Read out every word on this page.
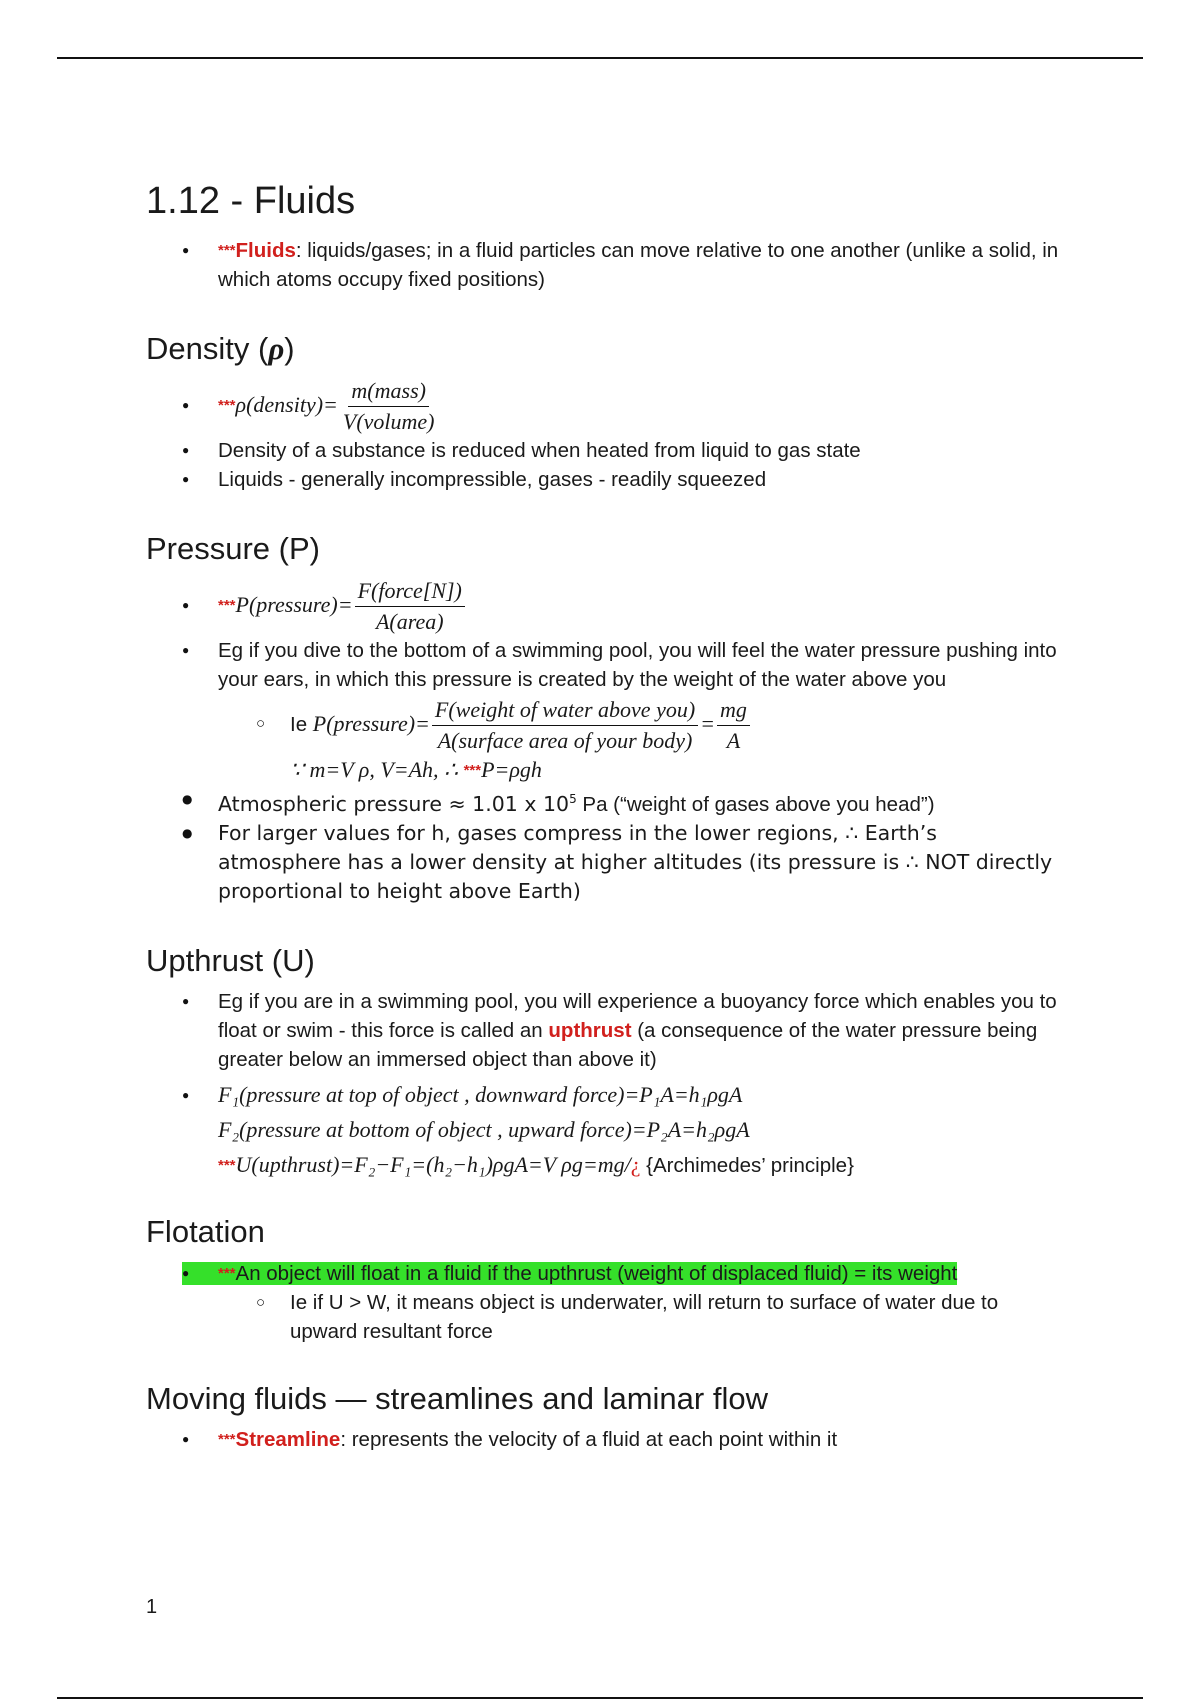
1.12 - Fluids
● ***Fluids: liquids/gases; in a fluid particles can move relative to one another (unlike a solid, in which atoms occupy fixed positions)
Density (ρ)
● ***ρ(density)= $\frac{\text{m(mass)}}{\text{V(volume)}}$
● Density of a substance is reduced when heated from liquid to gas state
● Liquids - generally incompressible, gases - readily squeezed
Pressure (P)
● ***P(pressure)= $\frac{\text{F(force[N])}}{\text{A(area)}}$
● Eg if you dive to the bottom of a swimming pool, you will feel the water pressure pushing into your ears, in which this pressure is created by the weight of the water above you
○ Ie P(pressure)= $\frac{\text{F(weight of water above you)}}{\text{A(surface area of your body)}} = \frac{mg}{A}$
∵ m=V ρ, V=Ah, ∴ ***P=ρgh
● Atmospheric pressure ≈ 1.01 x $10^5$ Pa (“weight of gases above you head”)
● For larger values for h, gases compress in the lower regions, ∴ Earth’s atmosphere has a lower density at higher altitudes (its pressure is ∴ NOT directly proportional to height above Earth)
Upthrust (U)
● Eg if you are in a swimming pool, you will experience a buoyancy force which enables you to float or swim - this force is called an upthrust (a consequence of the water pressure being greater below an immersed object than above it)
● F₁(pressure at top of object , downward force)=P₁A=h₁ρgA
F₂(pressure at bottom of object , upward force)=P₂A=h₂ρgA
***U(upthrust)=F₂−F₁=(h₂−h₁)ρgA=V ρg=mg/¿ {Archimedes’ principle}
Flotation
● ***An object will float in a fluid if the upthrust (weight of displaced fluid) = its weight
○ Ie if U > W, it means object is underwater, will return to surface of water due to upward resultant force
Moving fluids — streamlines and laminar flow
● ***Streamline: represents the velocity of a fluid at each point within it
1
